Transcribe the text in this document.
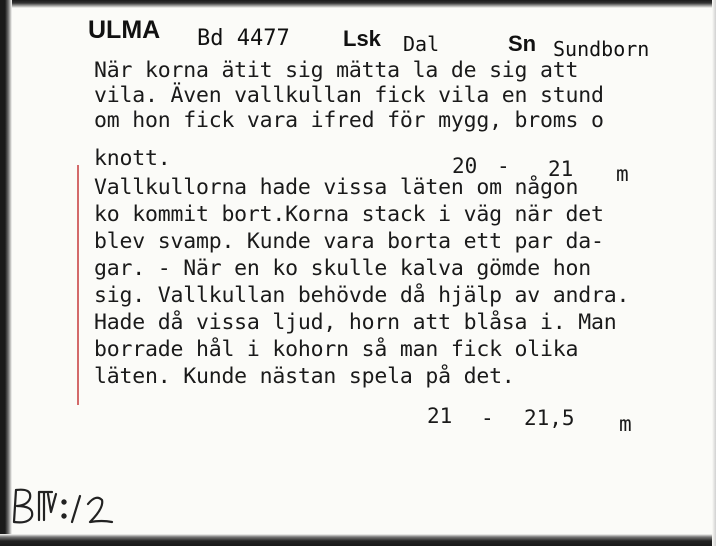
ULMA Bd 4477 Lsk Dal	Sn Sundborn
När korna ätit sig mätta la de sig att
vila. Även vallkullan fick vila en stund
om hon fick vara ifred för mygg, broms o
knott.
Vallkullorna hade vissa läten om någon
ko kommit bort.Korna stack i väg när det
blev svamp. Kunde vara borta ett par da-
gar. - När en ko skulle kalva gömde hon
sig. Vallkullan behövde då hjälp av andra.
Hade då vissa ljud, horn att blåsa i. Man
borrade hål i kohorn så man fick olika
läten. Kunde nästan spela på det.
20 - 21 m
21 - 21,5 m
